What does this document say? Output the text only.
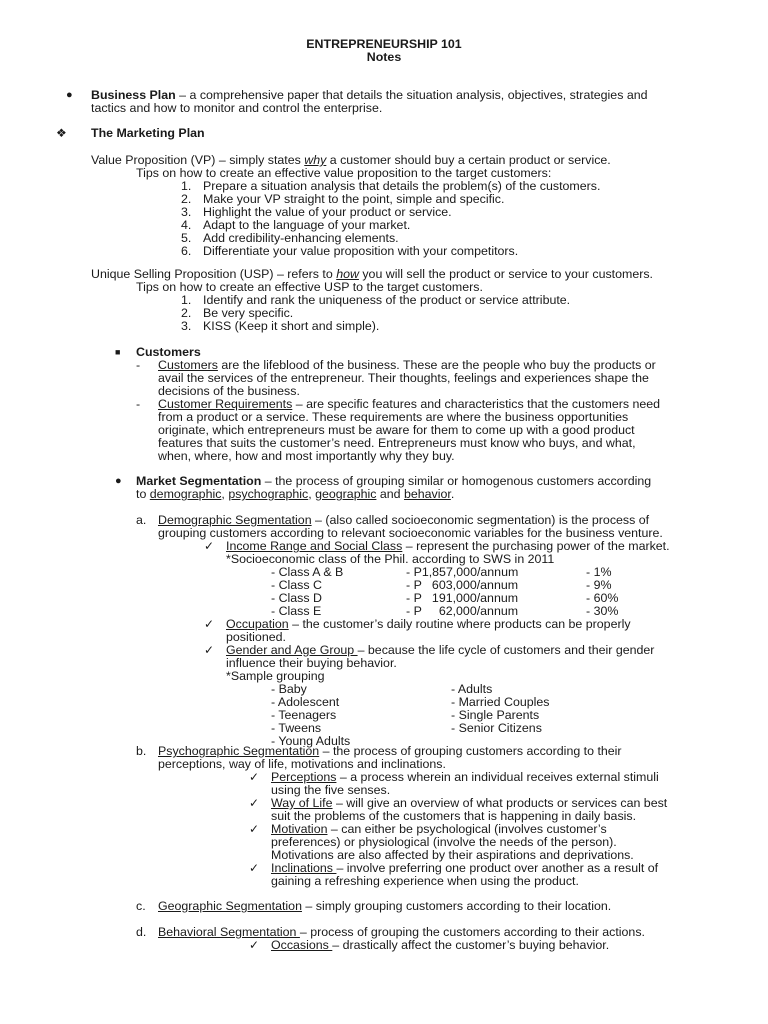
ENTREPRENEURSHIP 101
Notes
● Business Plan – a comprehensive paper that details the situation analysis, objectives, strategies and
tactics and how to monitor and control the enterprise.
❖ The Marketing Plan
Value Proposition (VP) – simply states why a customer should buy a certain product or service.
Tips on how to create an effective value proposition to the target customers:
1. Prepare a situation analysis that details the problem(s) of the customers.
2. Make your VP straight to the point, simple and specific.
3. Highlight the value of your product or service.
4. Adapt to the language of your market.
5. Add credibility-enhancing elements.
6. Differentiate your value proposition with your competitors.
Unique Selling Proposition (USP) – refers to how you will sell the product or service to your customers.
Tips on how to create an effective USP to the target customers.
1. Identify and rank the uniqueness of the product or service attribute.
2. Be very specific.
3. KISS (Keep it short and simple).
■ Customers
- Customers are the lifeblood of the business. These are the people who buy the products or
avail the services of the entrepreneur. Their thoughts, feelings and experiences shape the
decisions of the business.
- Customer Requirements – are specific features and characteristics that the customers need
from a product or a service. These requirements are where the business opportunities
originate, which entrepreneurs must be aware for them to come up with a good product
features that suits the customer’s need. Entrepreneurs must know who buys, and what,
when, where, how and most importantly why they buy.
● Market Segmentation – the process of grouping similar or homogenous customers according
to demographic, psychographic, geographic and behavior.
a. Demographic Segmentation – (also called socioeconomic segmentation) is the process of
grouping customers according to relevant socioeconomic variables for the business venture.
✓ Income Range and Social Class – represent the purchasing power of the market.
*Socioeconomic class of the Phil. according to SWS in 2011
- Class A & B	- P1,857,000/annum	- 1%
- Class C	- P   603,000/annum	- 9%
- Class D	- P   191,000/annum	- 60%
- Class E	- P     62,000/annum	- 30%
✓ Occupation – the customer’s daily routine where products can be properly
positioned.
✓ Gender and Age Group – because the life cycle of customers and their gender
influence their buying behavior.
*Sample grouping
- Baby
- Adolescent
- Teenagers
- Tweens
- Young Adults
- Adults
- Married Couples
- Single Parents
- Senior Citizens
b. Psychographic Segmentation – the process of grouping customers according to their
perceptions, way of life, motivations and inclinations.
✓ Perceptions – a process wherein an individual receives external stimuli
using the five senses.
✓ Way of Life – will give an overview of what products or services can best
suit the problems of the customers that is happening in daily basis.
✓ Motivation – can either be psychological (involves customer’s
preferences) or physiological (involve the needs of the person).
Motivations are also affected by their aspirations and deprivations.
✓ Inclinations – involve preferring one product over another as a result of
gaining a refreshing experience when using the product.
c. Geographic Segmentation – simply grouping customers according to their location.
d. Behavioral Segmentation – process of grouping the customers according to their actions.
✓ Occasions – drastically affect the customer’s buying behavior.
